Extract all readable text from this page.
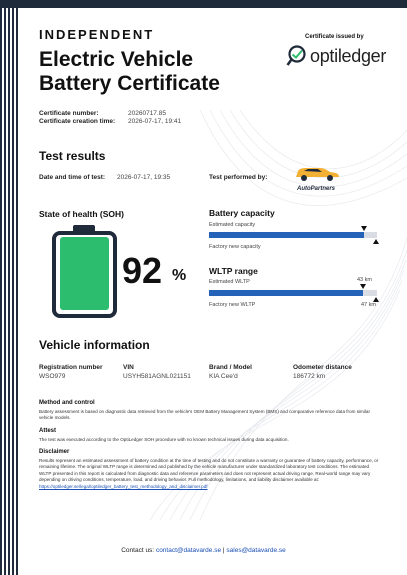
INDEPENDENT
Electric Vehicle
Battery Certificate
Certificate issued by
optiledger
Certificate number:	20260717.85
Certificate creation time: 2026-07-17, 19:41
Test results
Date and time of test: 2026-07-17, 19:35	Test performed by:
AutoPartners
State of health (SOH)
92 %
Battery capacity
Estimated capacity
Factory new capacity
WLTP range
Estimated WLTP	43 km
Factory new WLTP	47 km
Vehicle information
Registration number
WSO979
VIN
USYH581AGNL021151
Brand / Model
KIA Cee'd
Odometer distance
186772 km
Method and control
Battery assessment is based on diagnostic data retrieved from the vehicle's OEM Battery Management System (BMS) and comparative reference data from similar vehicle models.
Attest
The test was executed according to the OptiLedger SOH procedure with no known technical issues during data acquisition.
Disclaimer
Results represent an estimated assessment of battery condition at the time of testing and do not constitute a warranty or guarantee of battery capacity, performance, or remaining lifetime. The original WLTP range is determined and published by the vehicle manufacturer under standardized laboratory test conditions. The estimated WLTP presented in this report is calculated from diagnostic data and reference parameters and does not represent actual driving range. Real-world range may vary depending on driving conditions, temperature, load, and driving behavior. Full methodology, limitations, and liability disclaimer available at: https://optiledger.se/legal/optiledger_battery_test_methodology_and_disclaimer.pdf
Contact us: contact@datavarde.se | sales@datavarde.se
